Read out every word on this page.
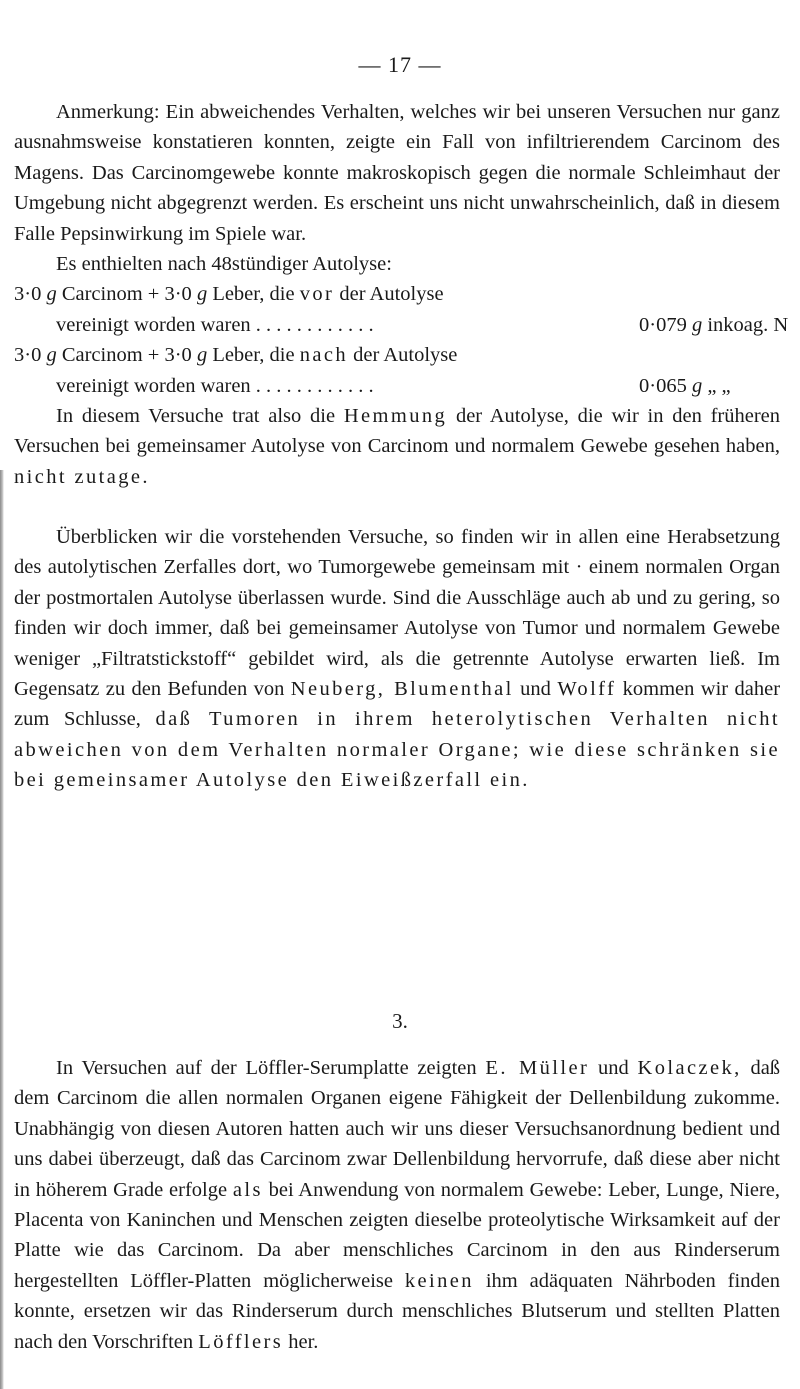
— 17 —

Anmerkung: Ein abweichendes Verhalten, welches wir bei unseren Versuchen nur ganz ausnahmsweise konstatieren konnten, zeigte ein Fall von infiltrierendem Carcinom des Magens. Das Carcinomgewebe konnte makroskopisch gegen die normale Schleimhaut der Umgebung nicht abgegrenzt werden. Es erscheint uns nicht unwahrscheinlich, daß in diesem Falle Pepsinwirkung im Spiele war.

Es enthielten nach 48stündiger Autolyse:
3·0 g Carcinom + 3·0 g Leber, die vor der Autolyse
vereinigt worden waren . . . . . . . . . . . .	0·079 g inkoag. N
3·0 g Carcinom + 3·0 g Leber, die nach der Autolyse
vereinigt worden waren . . . . . . . . . . . .	0·065 g „ „

In diesem Versuche trat also die Hemmung der Autolyse, die wir in den früheren Versuchen bei gemeinsamer Autolyse von Carcinom und normalem Gewebe gesehen haben, nicht zutage.

Überblicken wir die vorstehenden Versuche, so finden wir in allen eine Herabsetzung des autolytischen Zerfalles dort, wo Tumorgewebe gemeinsam mit · einem normalen Organ der postmortalen Autolyse überlassen wurde. Sind die Ausschläge auch ab und zu gering, so finden wir doch immer, daß bei gemeinsamer Autolyse von Tumor und normalem Gewebe weniger „Filtratstickstoff“ gebildet wird, als die getrennte Autolyse erwarten ließ. Im Gegensatz zu den Befunden von Neuberg, Blumenthal und Wolff kommen wir daher zum Schlusse, daß Tumoren in ihrem heterolytischen Verhalten nicht abweichen von dem Verhalten normaler Organe; wie diese schränken sie bei gemeinsamer Autolyse den Eiweißzerfall ein.

3.

In Versuchen auf der Löffler-Serumplatte zeigten E. Müller und Kolaczek, daß dem Carcinom die allen normalen Organen eigene Fähigkeit der Dellenbildung zukomme. Unabhängig von diesen Autoren hatten auch wir uns dieser Versuchsanordnung bedient und uns dabei überzeugt, daß das Carcinom zwar Dellenbildung hervorrufe, daß diese aber nicht in höherem Grade erfolge als bei Anwendung von normalem Gewebe: Leber, Lunge, Niere, Placenta von Kaninchen und Menschen zeigten dieselbe proteolytische Wirksamkeit auf der Platte wie das Carcinom. Da aber menschliches Carcinom in den aus Rinderserum hergestellten Löffler-Platten möglicherweise keinen ihm adäquaten Nährboden finden konnte, ersetzen wir das Rinderserum durch menschliches Blutserum und stellten Platten nach den Vorschriften Löfflers her.
